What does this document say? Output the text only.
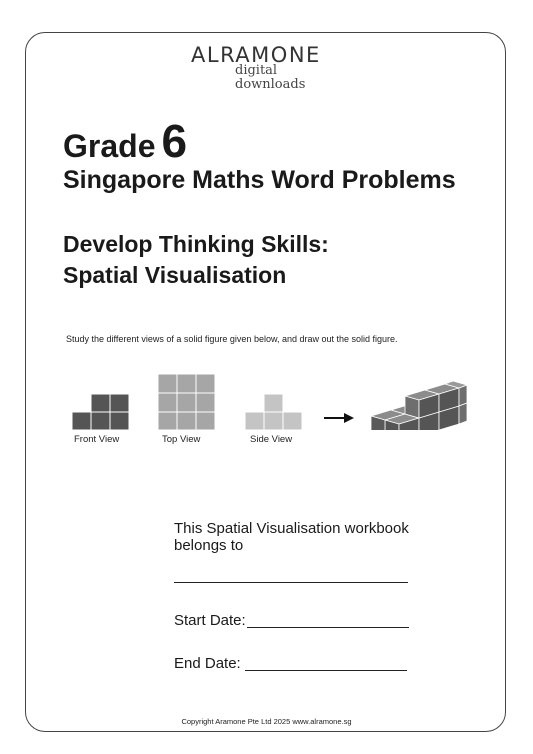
ALRAMONE
digital downloads
Grade 6
Singapore Maths Word Problems
Develop Thinking Skills:
Spatial Visualisation
Study the different views of a solid figure given below, and draw out the solid figure.
Front View	Top View	Side View
This Spatial Visualisation workbook belongs to
Start Date:
End Date:
Copyright Aramone Pte Ltd 2025 www.alramone.sg
